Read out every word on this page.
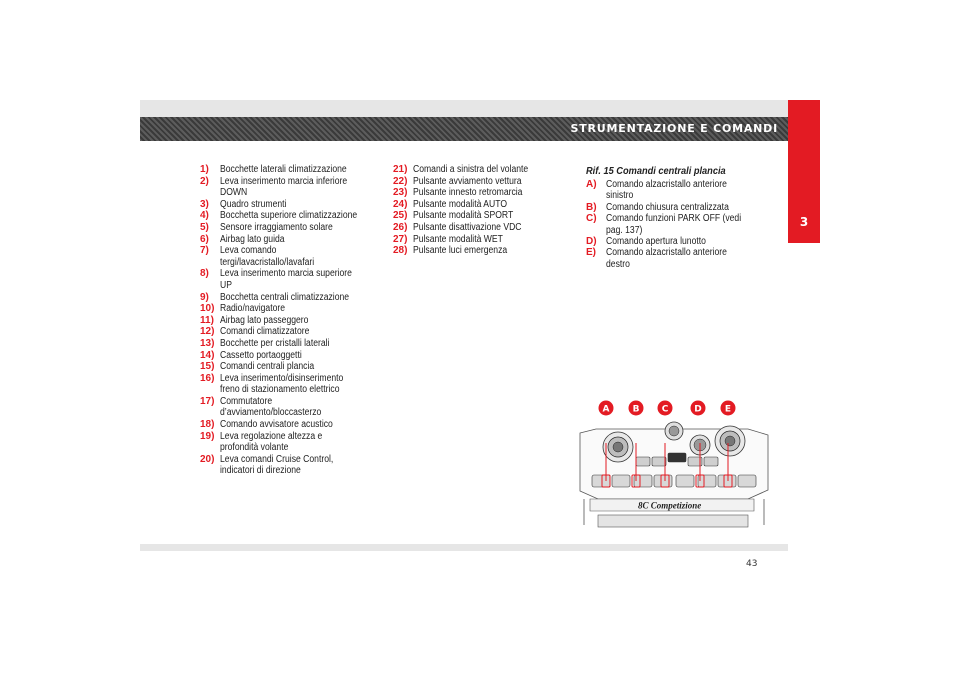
STRUMENTAZIONE E COMANDI
3
1)	Bocchette laterali climatizzazione
2)	Leva inserimento marcia inferiore DOWN
3)	Quadro strumenti
4)	Bocchetta superiore climatizzazione
5)	Sensore irraggiamento solare
6)	Airbag lato guida
7)	Leva comando tergi/lavacristallo/lavafari
8)	Leva inserimento marcia superiore UP
9)	Bocchetta centrali climatizzazione
10) Radio/navigatore
11) Airbag lato passeggero
12) Comandi climatizzatore
13) Bocchette per cristalli laterali
14) Cassetto portaoggetti
15) Comandi centrali plancia
16) Leva inserimento/disinserimento freno di stazionamento elettrico
17) Commutatore d’avviamento/bloccasterzo
18) Comando avvisatore acustico
19) Leva regolazione altezza e profondità volante
20) Leva comandi Cruise Control, indicatori di direzione
21) Comandi a sinistra del volante
22) Pulsante avviamento vettura
23) Pulsante innesto retromarcia
24) Pulsante modalità AUTO
25) Pulsante modalità SPORT
26) Pulsante disattivazione VDC
27) Pulsante modalità WET
28) Pulsante luci emergenza
Rif. 15 Comandi centrali plancia
A) Comando alzacristallo anteriore sinistro
B) Comando chiusura centralizzata
C) Comando funzioni PARK OFF (vedi pag. 137)
D) Comando apertura lunotto
E)	Comando alzacristallo anteriore destro
A	B C	D	E
8C Competizione
43
